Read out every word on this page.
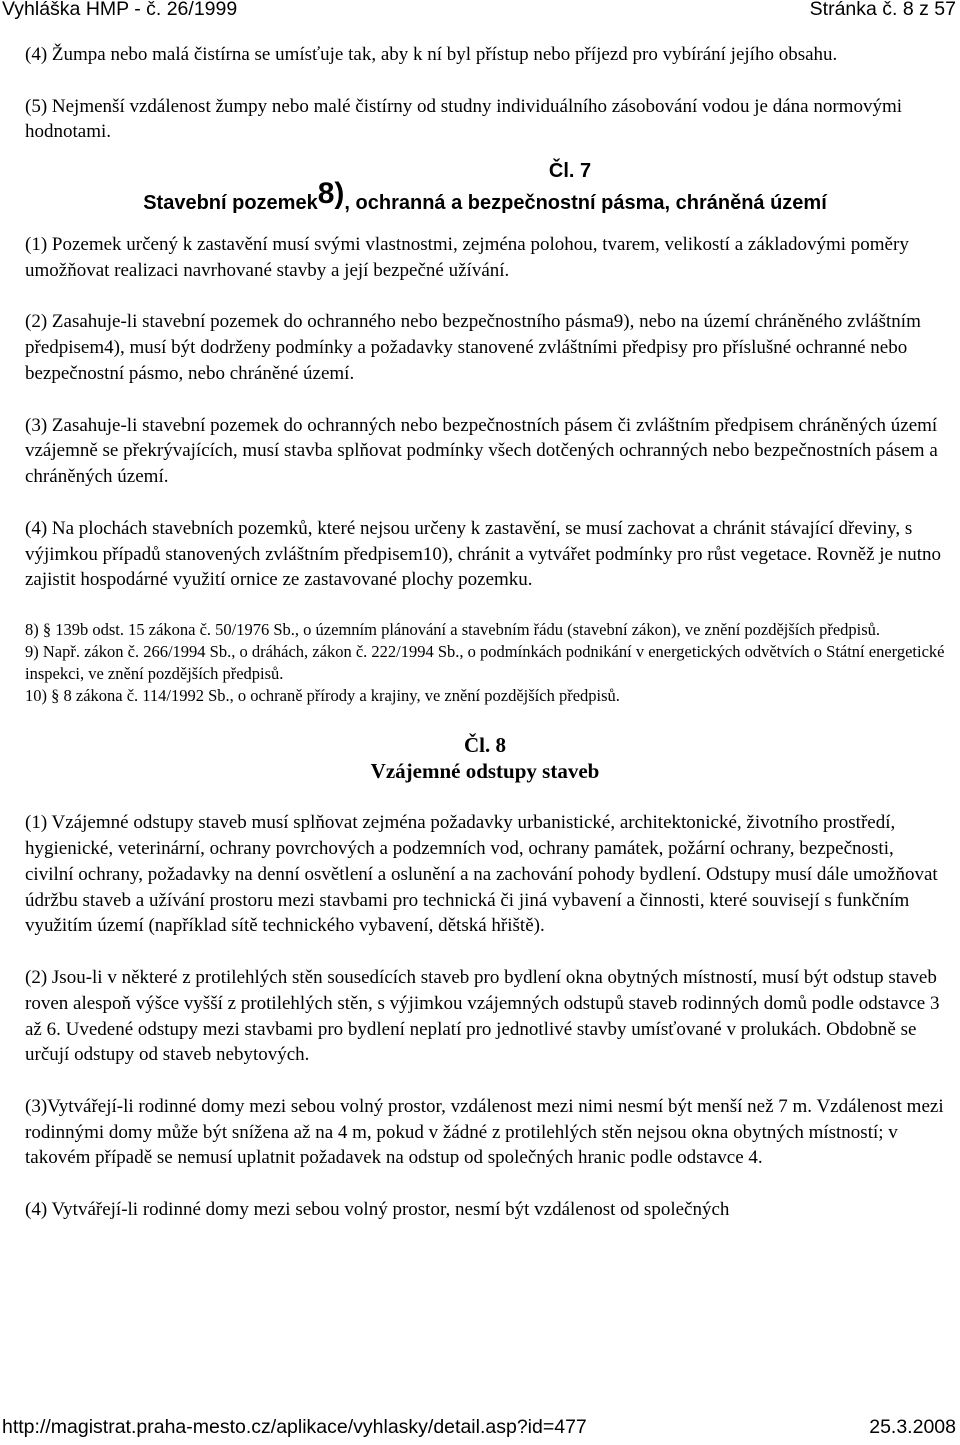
Vyhláška HMP - č. 26/1999	Stránka č. 8 z 57

(4) Žumpa nebo malá čistírna se umísťuje tak, aby k ní byl přístup nebo příjezd pro vybírání jejího obsahu.

(5) Nejmenší vzdálenost žumpy nebo malé čistírny od studny individuálního zásobování vodou je dána normovými hodnotami.

Čl. 7
Stavební pozemek8), ochranná a bezpečnostní pásma, chráněná území

(1) Pozemek určený k zastavění musí svými vlastnostmi, zejména polohou, tvarem, velikostí a základovými poměry umožňovat realizaci navrhované stavby a její bezpečné užívání.

(2) Zasahuje-li stavební pozemek do ochranného nebo bezpečnostního pásma9), nebo na území chráněného zvláštním předpisem4), musí být dodrženy podmínky a požadavky stanovené zvláštními předpisy pro příslušné ochranné nebo bezpečnostní pásmo, nebo chráněné území.

(3) Zasahuje-li stavební pozemek do ochranných nebo bezpečnostních pásem či zvláštním předpisem chráněných území vzájemně se překrývajících, musí stavba splňovat podmínky všech dotčených ochranných nebo bezpečnostních pásem a chráněných území.

(4) Na plochách stavebních pozemků, které nejsou určeny k zastavění, se musí zachovat a chránit stávající dřeviny, s výjimkou případů stanovených zvláštním předpisem10), chránit a vytvářet podmínky pro růst vegetace. Rovněž je nutno zajistit hospodárné využití ornice ze zastavované plochy pozemku.

8) § 139b odst. 15 zákona č. 50/1976 Sb., o územním plánování a stavebním řádu (stavební zákon), ve znění pozdějších předpisů.

9) Např. zákon č. 266/1994 Sb., o dráhách, zákon č. 222/1994 Sb., o podmínkách podnikání v energetických odvětvích o Státní energetické inspekci, ve znění pozdějších předpisů.

10) § 8 zákona č. 114/1992 Sb., o ochraně přírody a krajiny, ve znění pozdějších předpisů.

Čl. 8
Vzájemné odstupy staveb

(1) Vzájemné odstupy staveb musí splňovat zejména požadavky urbanistické, architektonické, životního prostředí, hygienické, veterinární, ochrany povrchových a podzemních vod, ochrany památek, požární ochrany, bezpečnosti, civilní ochrany, požadavky na denní osvětlení a oslunění a na zachování pohody bydlení. Odstupy musí dále umožňovat údržbu staveb a užívání prostoru mezi stavbami pro technická či jiná vybavení a činnosti, které souvisejí s funkčním využitím území (například sítě technického vybavení, dětská hřiště).

(2) Jsou-li v některé z protilehlých stěn sousedících staveb pro bydlení okna obytných místností, musí být odstup staveb roven alespoň výšce vyšší z protilehlých stěn, s výjimkou vzájemných odstupů staveb rodinných domů podle odstavce 3 až 6. Uvedené odstupy mezi stavbami pro bydlení neplatí pro jednotlivé stavby umísťované v prolukách. Obdobně se určují odstupy od staveb nebytových.

(3)Vytvářejí-li rodinné domy mezi sebou volný prostor, vzdálenost mezi nimi nesmí být menší než 7 m. Vzdálenost mezi rodinnými domy může být snížena až na 4 m, pokud v žádné z protilehlých stěn nejsou okna obytných místností; v takovém případě se nemusí uplatnit požadavek na odstup od společných hranic podle odstavce 4.

(4) Vytvářejí-li rodinné domy mezi sebou volný prostor, nesmí být vzdálenost od společných

http://magistrat.praha-mesto.cz/aplikace/vyhlasky/detail.asp?id=477	25.3.2008
